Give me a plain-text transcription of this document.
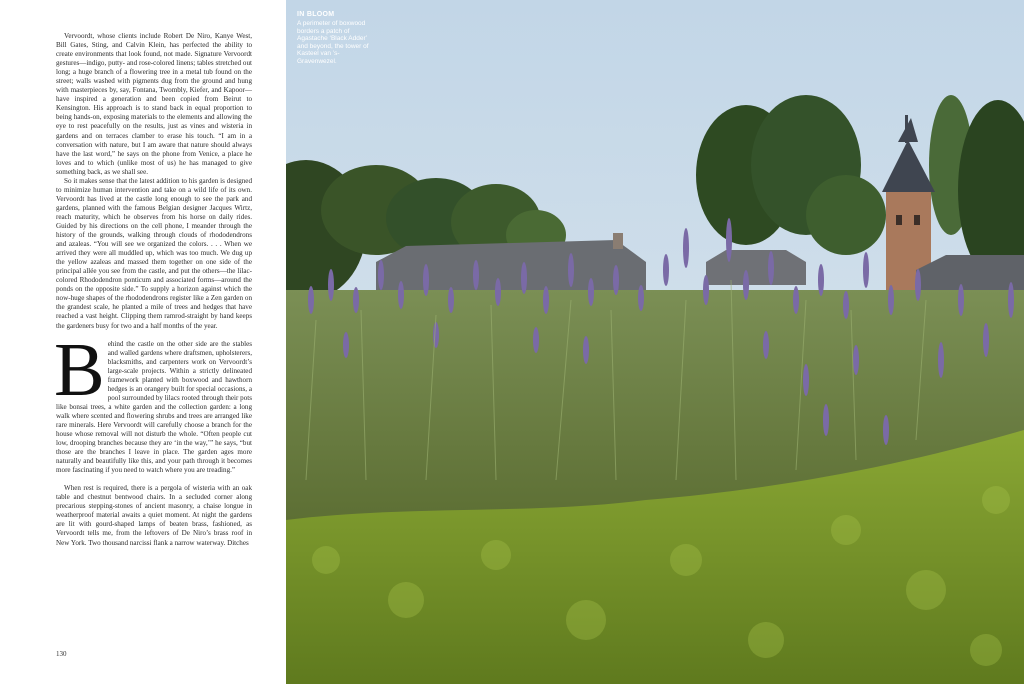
Vervoordt, whose clients include Robert De Niro, Kanye West, Bill Gates, Sting, and Calvin Klein, has perfected the ability to create environments that look found, not made. Signature Vervoordt gestures—indigo, putty- and rose-colored linens; tables stretched out long; a huge branch of a flowering tree in a metal tub found on the street; walls washed with pigments dug from the ground and hung with masterpieces by, say, Fontana, Twombly, Kiefer, and Kapoor—have inspired a generation and been copied from Beirut to Kensington. His approach is to stand back in equal proportion to being hands-on, exposing materials to the elements and allowing the eye to rest peacefully on the results, just as vines and wisteria in gardens and on terraces clamber to erase his touch. “I am in a conversation with nature, but I am aware that nature should always have the last word,” he says on the phone from Venice, a place he loves and to which (unlike most of us) he has managed to give something back, as we shall see.

So it makes sense that the latest addition to his garden is designed to minimize human intervention and take on a wild life of its own. Vervoordt has lived at the castle long enough to see the park and gardens, planned with the famous Belgian designer Jacques Wirtz, reach maturity, which he observes from his horse on daily rides. Guided by his directions on the cell phone, I meander through the history of the grounds, walking through clouds of rhododendrons and azaleas. “You will see we organized the colors. . . . When we arrived they were all muddled up, which was too much. We dug up the yellow azaleas and massed them together on one side of the principal allée you see from the castle, and put the others—the lilac-colored Rhododendron ponticum and associated forms—around the ponds on the opposite side.” To supply a horizon against which the now-huge shapes of the rhododendrons register like a Zen garden on the grandest scale, he planted a mile of trees and hedges that have reached a vast height. Clipping them ramrod-straight by hand keeps the gardeners busy for two and a half months of the year.

Behind the castle on the other side are the stables and walled gardens where draftsmen, upholsterers, blacksmiths, and carpenters work on Vervoordt’s large-scale projects. Within a strictly delineated framework planted with boxwood and hawthorn hedges is an orangery built for special occasions, a pool surrounded by lilacs rooted through their pots like bonsai trees, a white garden and the collection garden: a long walk where scented and flowering shrubs and trees are arranged like rare minerals. Here Vervoordt will carefully choose a branch for the house whose removal will not disturb the whole. “Often people cut low, drooping branches because they are ‘in the way,’” he says, “but those are the branches I leave in place. The garden ages more naturally and beautifully like this, and your path through it becomes more fascinating if you need to watch where you are treading.”

When rest is required, there is a pergola of wisteria with an oak table and chestnut bentwood chairs. In a secluded corner along precarious stepping-stones of ancient masonry, a chaise longue in weatherproof material awaits a quiet moment. At night the gardens are lit with gourd-shaped lamps of beaten brass, fashioned, as Vervoordt tells me, from the leftovers of De Niro’s brass roof in New York. Two thousand narcissi flank a narrow waterway. Ditches

130
IN BLOOM
A perimeter of boxwood borders a patch of Agastache ‘Black Adder’ and beyond, the tower of Kasteel van ’s-Gravenwezel.
